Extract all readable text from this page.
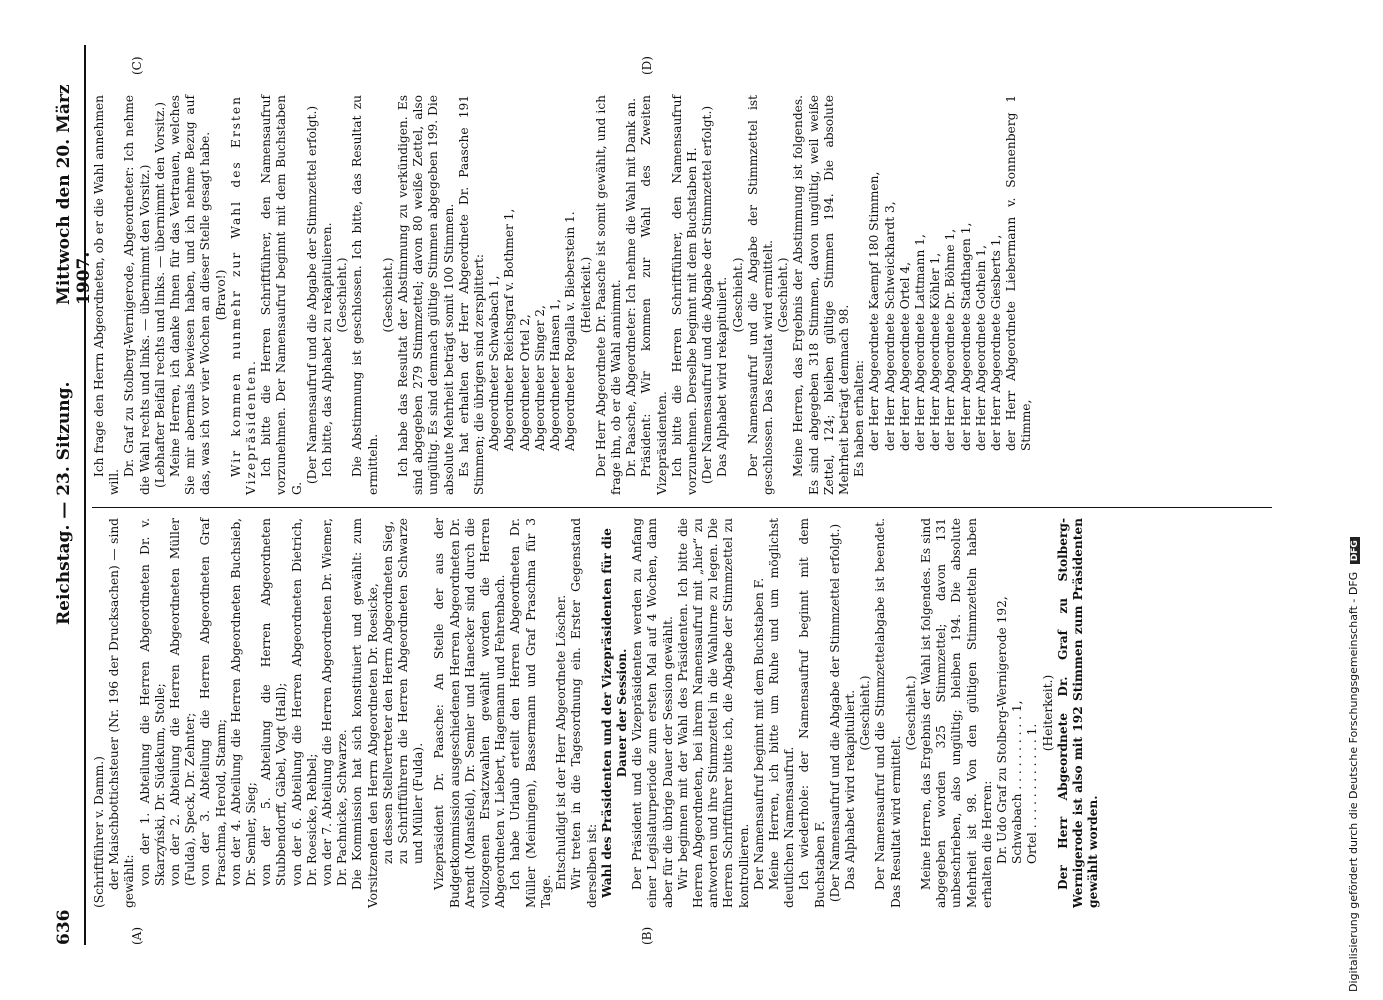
636
Reichstag. — 23. Sitzung.
Mittwoch den 20. März 1907.
(A)	(B)
(C)	(D)

(Schriftführer v. Damm.) der Maischbottichsteuer (Nr. 196 der Drucksachen) — sind gewählt: von der 1. Abteilung die Herren Abgeordneten Dr. v. Skarzyński, Dr. Südekum, Stolle; von der 2. Abteilung die Herren Abgeordneten Müller (Fulda), Speck, Dr. Zehnter; von der 3. Abteilung die Herren Abgeordneten Graf Praschma, Herold, Stamm; von der 4. Abteilung die Herren Abgeordneten Buchsieb, Dr. Semler, Sieg; von der 5. Abteilung die Herren Abgeordneten Stubbendorff, Gäbel, Vogt (Hall); von der 6. Abteilung die Herren Abgeordneten Dietrich, Dr. Roesicke, Rehbel; von der 7. Abteilung die Herren Abgeordneten Dr. Wiemer, Dr. Pachnicke, Schwarze. Die Kommission hat sich konstituiert und gewählt: zum Vorsitzenden den Herrn Abgeordneten Dr. Roesicke, zu dessen Stellvertreter den Herrn Abgeordneten Sieg, zu Schriftführern die Herren Abgeordneten Schwarze und Müller (Fulda). Vizepräsident Dr. Paasche: An Stelle der aus der Budgetkommission ausgeschiedenen Herren Abgeordneten Dr. Arendt (Mansfeld), Dr. Semler und Hanecker sind durch die vollzogenen Ersatzwahlen gewählt worden die Herren Abgeordneten v. Liebert, Hagemann und Fehrenbach. Ich habe Urlaub erteilt den Herren Abgeordneten Dr. Müller (Meiningen), Bassermann und Graf Praschma für 3 Tage.

Entschuldigt ist der Herr Abgeordnete Löscher. Wir treten in die Tagesordnung ein. Erster Gegenstand derselben ist: Wahl des Präsidenten und der Vizepräsidenten für die Dauer der Session. Der Präsident und die Vizepräsidenten werden zu Anfang einer Legislaturperiode zum ersten Mal auf 4 Wochen, dann aber für die übrige Dauer der Session gewählt. Wir beginnen mit der Wahl des Präsidenten. Ich bitte die Herren Abgeordneten, bei ihrem Namensaufruf mit „hier“ zu antworten und ihre Stimmzettel in die Wahlurne zu legen. Die Herren Schriftführer bitte ich, die Abgabe der Stimmzettel zu kontrollieren. Der Namensaufruf beginnt mit dem Buchstaben F. Meine Herren, ich bitte um Ruhe und um möglichst deutlichen Namensaufruf. Ich wiederhole: der Namensaufruf beginnt mit dem Buchstaben F. (Der Namensaufruf und die Abgabe der Stimmzettel erfolgt.) Das Alphabet wird rekapituliert. (Geschieht.) Der Namensaufruf und die Stimmzettelabgabe ist beendet. Das Resultat wird ermittelt.

(Geschieht.) Meine Herren, das Ergebnis der Wahl ist folgendes. Es sind abgegeben worden 325 Stimmzettel; davon 131 unbeschrieben, also ungültig; bleiben 194. Die absolute Mehrheit ist 98. Von den gültigen Stimmzetteln haben erhalten die Herren: Dr. Udo Graf zu Stolberg-Wernigerode 192, Schwabach . . . . . . . . . . 1, Ortel . . . . . . . . . . . . 1.

(Heiterkeit.) Der Herr Abgeordnete Dr. Graf zu Stolberg-Wernigerode ist also mit 192 Stimmen zum Präsidenten gewählt worden.

Ich frage den Herrn Abgeordneten, ob er die Wahl annehmen will.

Dr. Graf zu Stolberg-Wernigerode, Abgeordneter: Ich nehme die Wahl rechts und links. — übernimmt den Vorsitz.) (Lebhafter Beifall rechts und links. — übernimmt den Vorsitz.) Meine Herren, ich danke Ihnen für das Vertrauen, welches Sie mir abermals bewiesen haben, und ich nehme Bezug auf das, was ich vor vier Wochen an dieser Stelle gesagt habe. (Bravo!) Wir kommen nunmehr zur Wahl des Ersten Vizepräsidenten. Ich bitte die Herren Schriftführer, den Namensaufruf vorzunehmen. Der Namensaufruf beginnt mit dem Buchstaben G.

(Der Namensaufruf und die Abgabe der Stimmzettel erfolgt.) Ich bitte, das Alphabet zu rekapitulieren. (Geschieht.) Die Abstimmung ist geschlossen. Ich bitte, das Resultat zu ermitteln.

(Geschieht.) Ich habe das Resultat der Abstimmung zu verkündigen. Es sind abgegeben 279 Stimmzettel; davon 80 weiße Zettel, also ungültig. Es sind demnach gültige Stimmen abgegeben 199. Die absolute Mehrheit beträgt somit 100 Stimmen. Es hat erhalten der Herr Abgeordnete Dr. Paasche 191 Stimmen; die übrigen sind zersplittert: Abgeordneter Schwabach 1, Abgeordneter Reichsgraf v. Bothmer 1, Abgeordneter Ortel 2, Abgeordneter Singer 2, Abgeordneter Hansen 1, Abgeordneter Rogalla v. Bieberstein 1. (Heiterkeit.) Der Herr Abgeordnete Dr. Paasche ist somit gewählt, und ich frage ihn, ob er die Wahl annimmt. Dr. Paasche, Abgeordneter: Ich nehme die Wahl mit Dank an. Präsident: Wir kommen zur Wahl des Zweiten Vizepräsidenten. Ich bitte die Herren Schriftführer, den Namensaufruf vorzunehmen. Derselbe beginnt mit dem Buchstaben H. (Der Namensaufruf und die Abgabe der Stimmzettel erfolgt.) Das Alphabet wird rekapituliert. (Geschieht.) Der Namensaufruf und die Abgabe der Stimmzettel ist geschlossen. Das Resultat wird ermittelt. (Geschieht.) Meine Herren, das Ergebnis der Abstimmung ist folgendes. Es sind abgegeben 318 Stimmen, davon ungültig, weil weiße Zettel, 124; bleiben gültige Stimmen 194. Die absolute Mehrheit beträgt demnach 98. Es haben erhalten: der Herr Abgeordnete Kaempf 180 Stimmen, der Herr Abgeordnete Schweickhardt 3, der Herr Abgeordnete Ortel 4, der Herr Abgeordnete Lattmann 1, der Herr Abgeordnete Köhler 1, der Herr Abgeordnete Dr. Böhme 1, der Herr Abgeordnete Stadthagen 1, der Herr Abgeordnete Gothein 1, der Herr Abgeordnete Giesberts 1, der Herr Abgeordnete Liebermann v. Sonnenberg 1 Stimme,

Digitalisierung gefördert durch die Deutsche Forschungsgemeinschaft - DFG DFG
